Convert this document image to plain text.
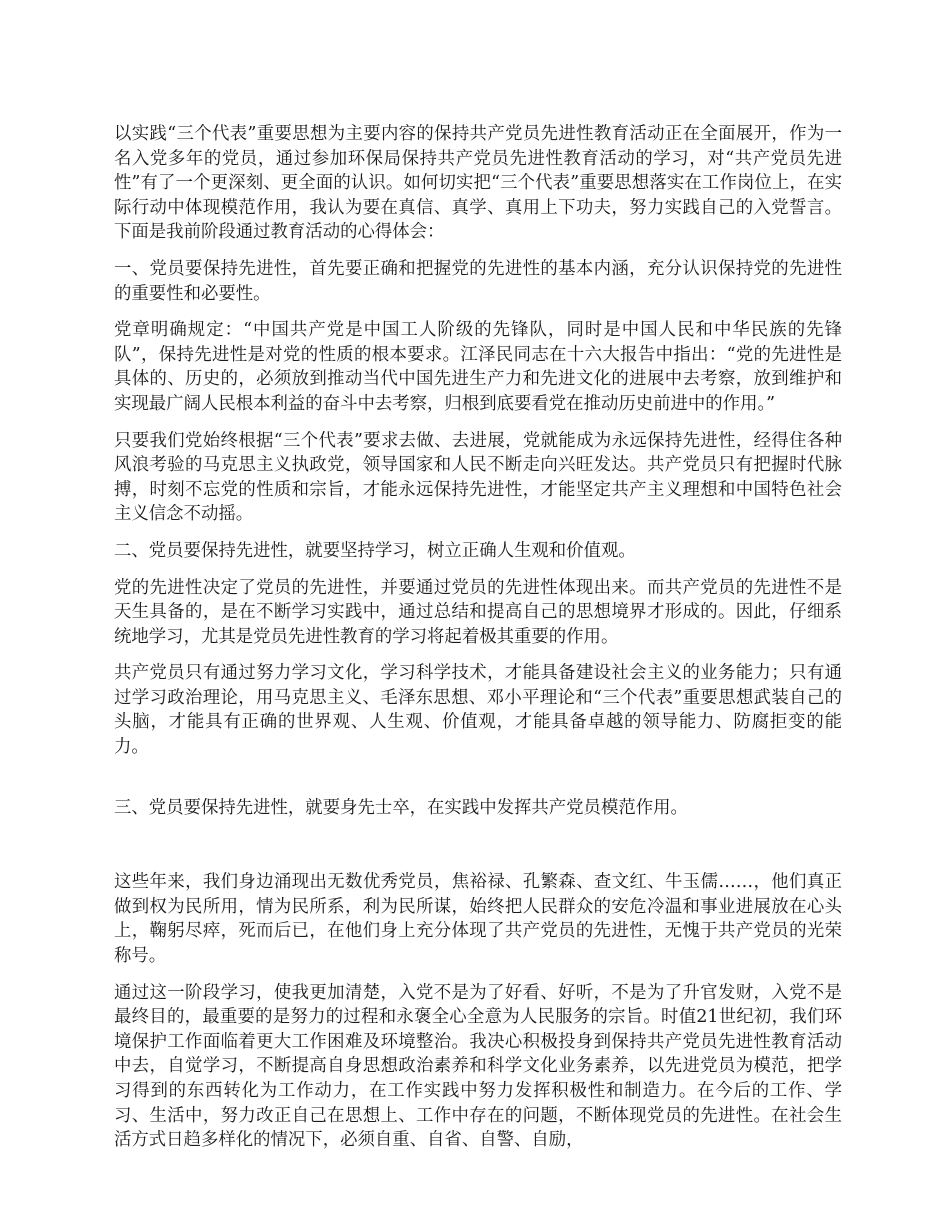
以实践“三个代表”重要思想为主要内容的保持共产党员先进性教育活动正在全面展开，作为一名入党多年的党员，通过参加环保局保持共产党员先进性教育活动的学习，对“共产党员先进性”有了一个更深刻、更全面的认识。如何切实把“三个代表”重要思想落实在工作岗位上，在实际行动中体现模范作用，我认为要在真信、真学、真用上下功夫，努力实践自己的入党誓言。下面是我前阶段通过教育活动的心得体会：

一、党员要保持先进性，首先要正确和把握党的先进性的基本内涵，充分认识保持党的先进性的重要性和必要性。

党章明确规定：“中国共产党是中国工人阶级的先锋队，同时是中国人民和中华民族的先锋队”，保持先进性是对党的性质的根本要求。江泽民同志在十六大报告中指出：“党的先进性是具体的、历史的，必须放到推动当代中国先进生产力和先进文化的进展中去考察，放到维护和实现最广阔人民根本利益的奋斗中去考察，归根到底要看党在推动历史前进中的作用。”

只要我们党始终根据“三个代表”要求去做、去进展，党就能成为永远保持先进性，经得住各种风浪考验的马克思主义执政党，领导国家和人民不断走向兴旺发达。共产党员只有把握时代脉搏，时刻不忘党的性质和宗旨，才能永远保持先进性，才能坚定共产主义理想和中国特色社会主义信念不动摇。

二、党员要保持先进性，就要坚持学习，树立正确人生观和价值观。

党的先进性决定了党员的先进性，并要通过党员的先进性体现出来。而共产党员的先进性不是天生具备的，是在不断学习实践中，通过总结和提高自己的思想境界才形成的。因此，仔细系统地学习，尤其是党员先进性教育的学习将起着极其重要的作用。

共产党员只有通过努力学习文化，学习科学技术，才能具备建设社会主义的业务能力；只有通过学习政治理论，用马克思主义、毛泽东思想、邓小平理论和“三个代表”重要思想武装自己的头脑，才能具有正确的世界观、人生观、价值观，才能具备卓越的领导能力、防腐拒变的能力。

三、党员要保持先进性，就要身先士卒，在实践中发挥共产党员模范作用。

这些年来，我们身边涌现出无数优秀党员，焦裕禄、孔繁森、查文红、牛玉儒……，他们真正做到权为民所用，情为民所系，利为民所谋，始终把人民群众的安危冷温和事业进展放在心头上，鞠躬尽瘁，死而后已，在他们身上充分体现了共产党员的先进性，无愧于共产党员的光荣称号。

通过这一阶段学习，使我更加清楚，入党不是为了好看、好听，不是为了升官发财，入党不是最终目的，最重要的是努力的过程和永褒全心全意为人民服务的宗旨。时值21世纪初，我们环境保护工作面临着更大工作困难及环境整治。我决心积极投身到保持共产党员先进性教育活动中去，自觉学习，不断提高自身思想政治素养和科学文化业务素养，以先进党员为模范，把学习得到的东西转化为工作动力，在工作实践中努力发挥积极性和制造力。在今后的工作、学习、生活中，努力改正自己在思想上、工作中存在的问题，不断体现党员的先进性。在社会生活方式日趋多样化的情况下，必须自重、自省、自警、自励，
